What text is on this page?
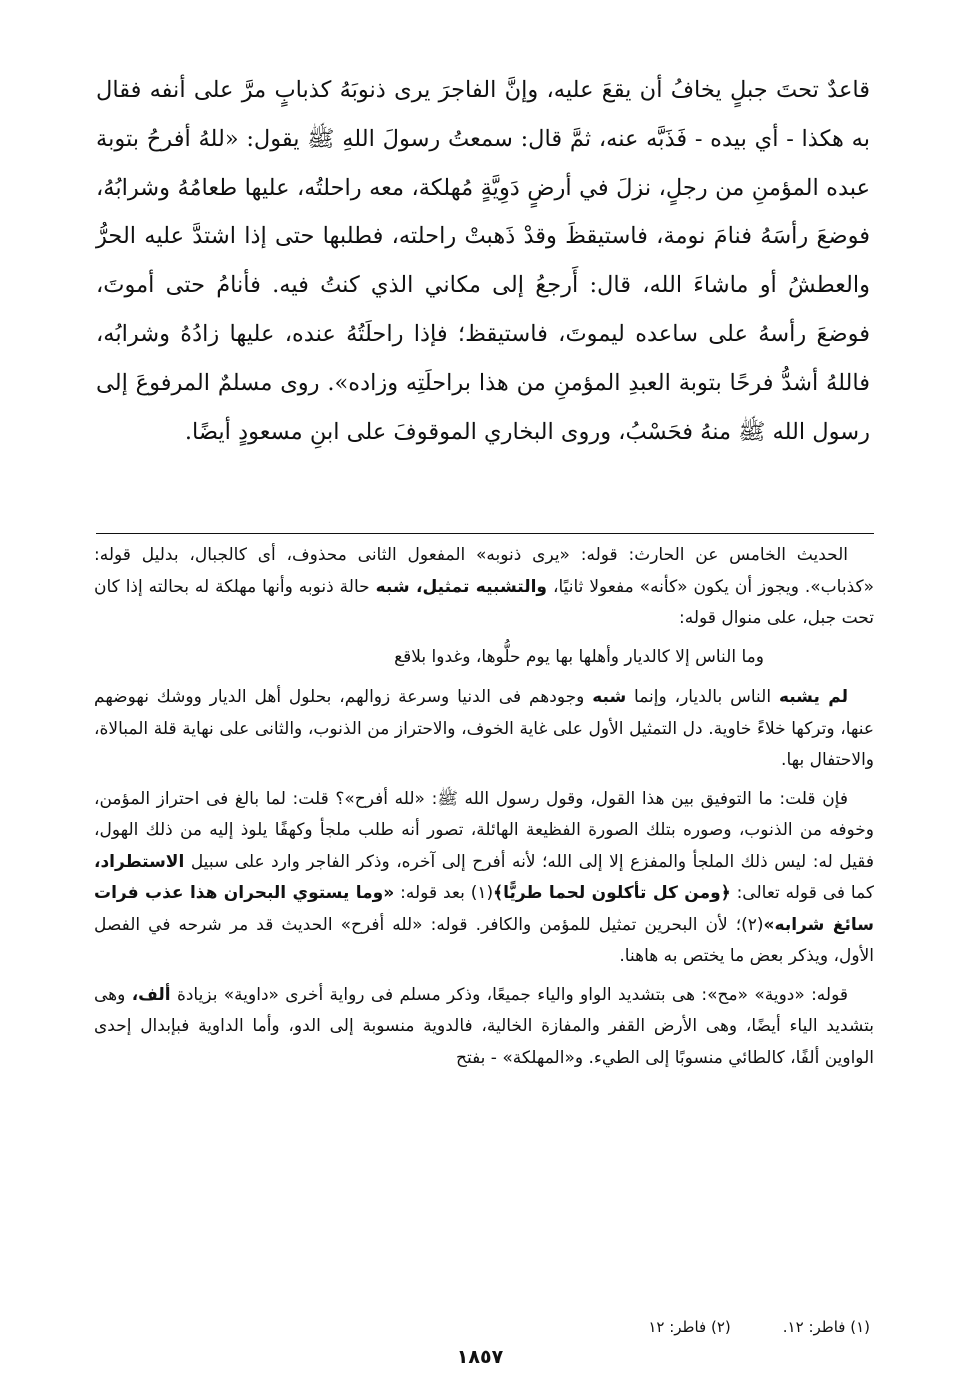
قاعدٌ تحتَ جبلٍ يخافُ أن يقعَ عليه، وإنَّ الفاجرَ يرى ذنوبَهُ كذبابٍ مرَّ على أنفه فقال به هكذا - أي بيده - فَذَبَّه عنه، ثمَّ قال: سمعتُ رسولَ اللهِ ﷺ يقول: «للهُ أفرحُ بتوبة عبده المؤمنِ من رجلٍ، نزلَ في أرضٍ دَوِيَّةٍ مُهلكة، معه راحلتُه، عليها طعامُهُ وشرابُهُ، فوضعَ رأسَهُ فنامَ نومة، فاستيقظَ وقدْ ذَهبتْ راحلته، فطلبها حتى إذا اشتدَّ عليه الحرُّ والعطشُ أو ماشاءَ الله، قال: أَرجعُ إلى مكاني الذي كنتُ فيه. فأنامُ حتى أموتَ، فوضعَ رأسهُ على ساعده ليموتَ، فاستيقظ؛ فإذا راحلَتُهُ عنده، عليها زادُهُ وشرابُه، فاللهُ أشدُّ فرحًا بتوبة العبدِ المؤمنِ من هذا براحلَتِه وزاده». روى مسلمٌ المرفوعَ إلى رسول الله ﷺ منهُ فحَسْبُ، وروى البخاري الموقوفَ على ابنِ مسعودٍ أيضًا.

الحديث الخامس عن الحارث: قوله: «يرى ذنوبه» المفعول الثانى محذوف، أى كالجبال، بدليل قوله: «كذباب». ويجوز أن يكون «كأنه» مفعولا ثانيًا، والتشبيه تمثيل، شبه حالة ذنوبه وأنها مهلكة له بحالته إذا كان تحت جبل، على منوال قوله:

وما الناس إلا كالديار وأهلها بها يوم حلُّوها، وغدوا بلاقع

لم يشبه الناس بالديار، وإنما شبه وجودهم فى الدنيا وسرعة زوالهم، بحلول أهل الديار ووشك نهوضهم عنها، وتركها خلاءً خاوية. دل التمثيل الأول على غاية الخوف، والاحتراز من الذنوب، والثانى على نهاية قلة المبالاة، والاحتفال بها.

فإن قلت: ما التوفيق بين هذا القول، وقول رسول الله ﷺ: «لله أفرح»؟ قلت: لما بالغ فى احتراز المؤمن، وخوفه من الذنوب، وصوره بتلك الصورة الفظيعة الهائلة، تصور أنه طلب ملجأ وكهفًا يلوذ إليه من ذلك الهول، فقيل له: ليس ذلك الملجأ والمفزع إلا إلى الله؛ لأنه أفرح إلى آخره، وذكر الفاجر وارد على سبيل الاستطراد، كما فى قوله تعالى: ﴿ومن كل تأكلون لحما طريًّا﴾(١) بعد قوله: «وما يستوي البحران هذا عذب فرات سائغ شرابه»(٢)؛ لأن البحرين تمثيل للمؤمن والكافر. قوله: «لله أفرح» الحديث قد مر شرحه في الفصل الأول، ويذكر بعض ما يختص به هاهنا.

قوله: «دوية» «مح»: هى بتشديد الواو والياء جميعًا، وذكر مسلم فى رواية أخرى «داوية» بزيادة ألف، وهى بتشديد الياء أيضًا، وهى الأرض القفر والمفازة الخالية، فالدوية منسوبة إلى الدو، وأما الداوية فبإبدال إحدى الواوين ألفًا، كالطائي منسوبًا إلى الطيء. و«المهلكة» - بفتح

(١) فاطر: ١٢.
(٢) فاطر: ١٢
١٨٥٧
